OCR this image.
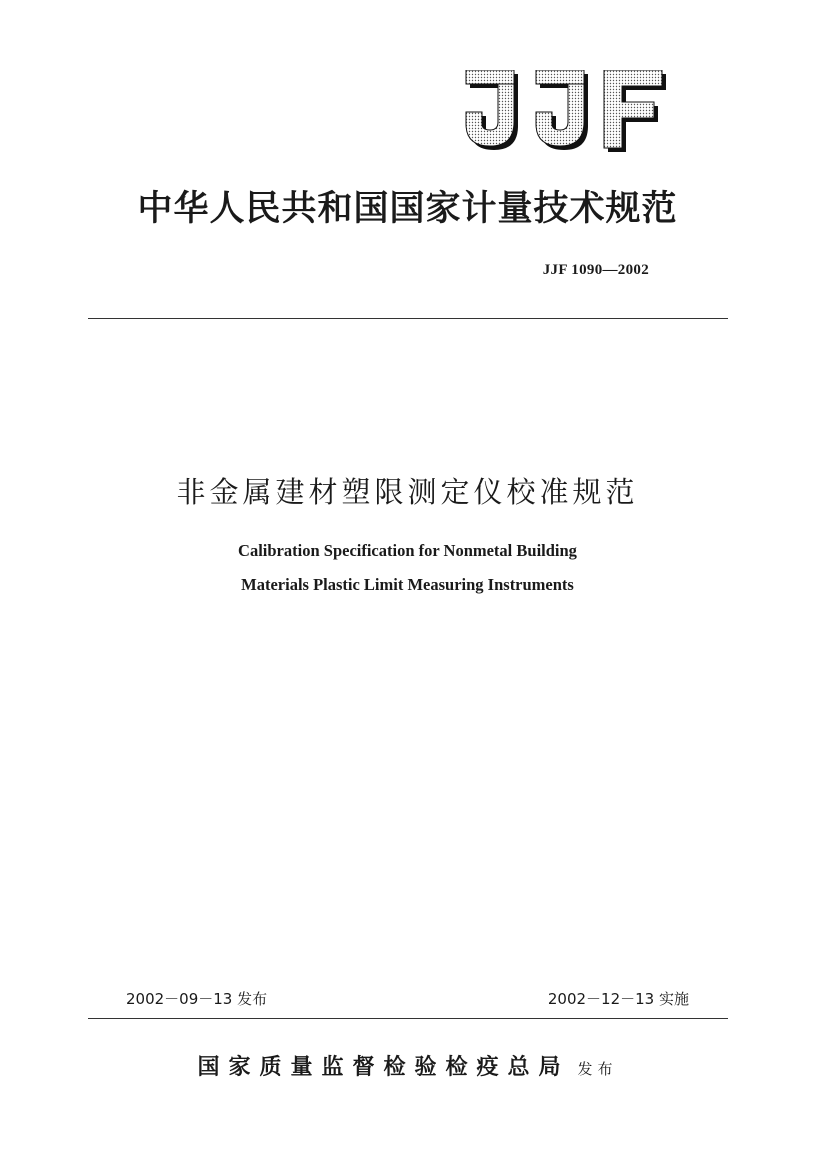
中华人民共和国国家计量技术规范
JJF 1090—2002
非金属建材塑限测定仪校准规范
Calibration Specification for Nonmetal Building
Materials Plastic Limit Measuring Instruments
2002－09－13 发布	2002－12－13 实施
国家质量监督检验检疫总局 发布
